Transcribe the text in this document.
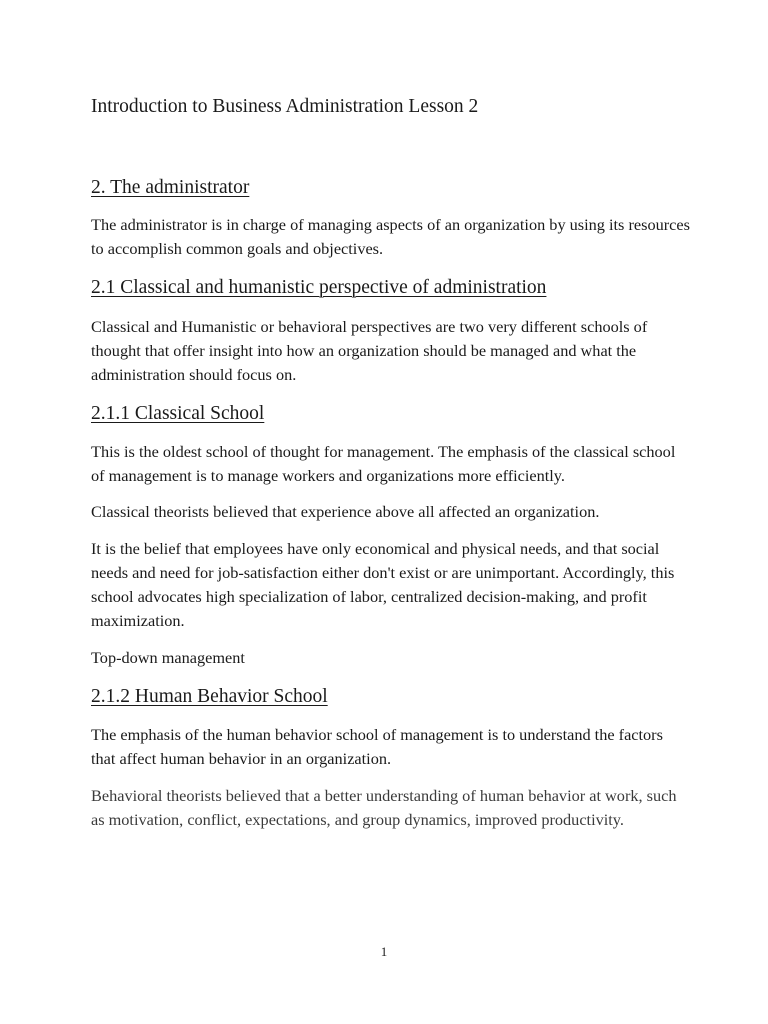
Introduction to Business Administration Lesson 2
2. The administrator

The administrator is in charge of managing aspects of an organization by using its resources to accomplish common goals and objectives.

2.1 Classical and humanistic perspective of administration

Classical and Humanistic or behavioral perspectives are two very different schools of thought that offer insight into how an organization should be managed and what the administration should focus on.

2.1.1 Classical School

This is the oldest school of thought for management. The emphasis of the classical school of management is to manage workers and organizations more efficiently.

Classical theorists believed that experience above all affected an organization.

It is the belief that employees have only economical and physical needs, and that social needs and need for job-satisfaction either don't exist or are unimportant. Accordingly, this school advocates high specialization of labor, centralized decision-making, and profit maximization.

Top-down management

2.1.2 Human Behavior School

The emphasis of the human behavior school of management is to understand the factors that affect human behavior in an organization.

Behavioral theorists believed that a better understanding of human behavior at work, such as motivation, conflict, expectations, and group dynamics, improved productivity.

1
